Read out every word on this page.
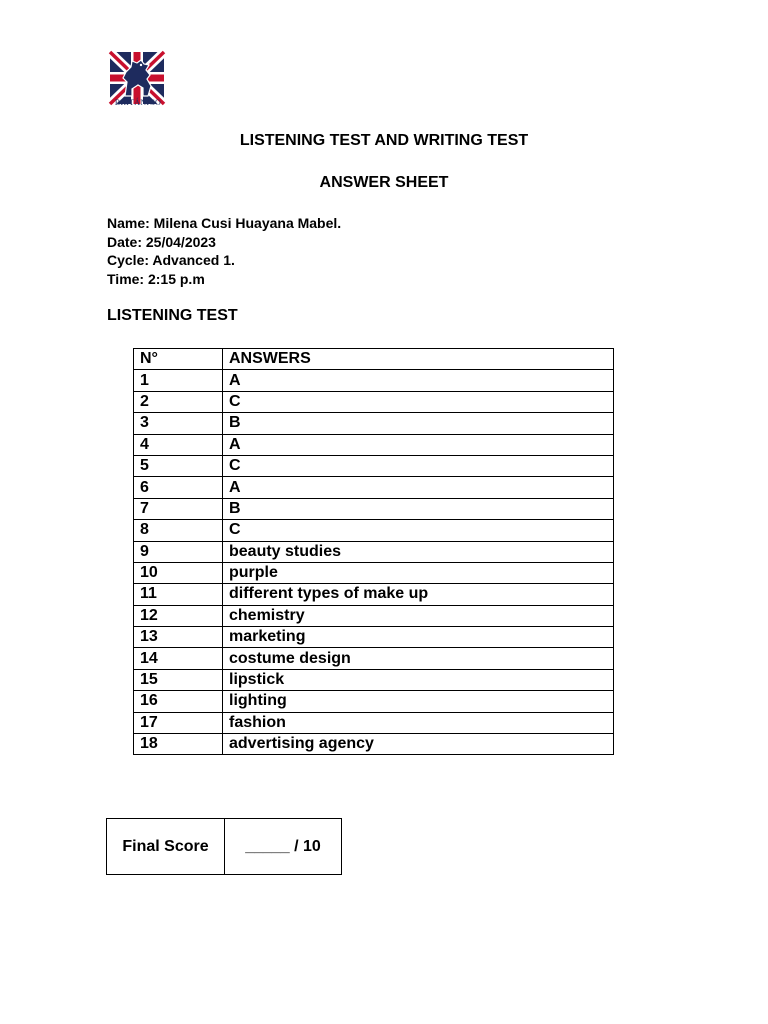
BRITÁNICO
LISTENING TEST AND WRITING TEST
ANSWER SHEET
Name: Milena Cusi Huayana Mabel.
Date: 25/04/2023
Cycle: Advanced 1.
Time: 2:15 p.m
LISTENING TEST
N°	ANSWERS
1	A
2	C
3	B
4	A
5	C
6	A
7	B
8	C
9	beauty studies
10	purple
11	different types of make up
12	chemistry
13	marketing
14	costume design
15	lipstick
16	lighting
17	fashion
18	advertising agency
Final Score	_____ / 10
